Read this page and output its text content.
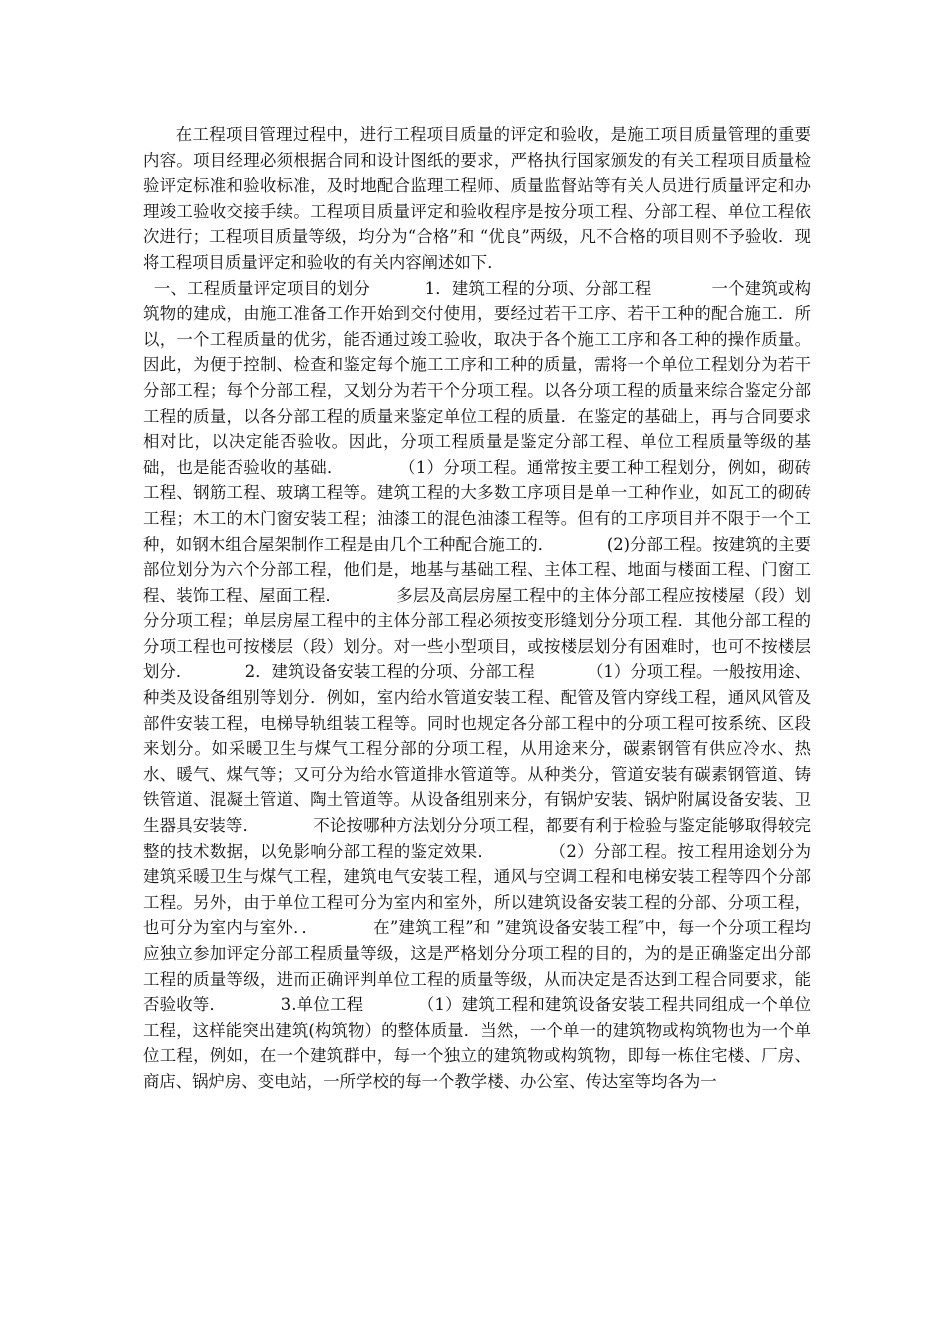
在工程项目管理过程中，进行工程项目质量的评定和验收，是施工项目质量管理的重要内容。项目经理必须根据合同和设计图纸的要求，严格执行国家颁发的有关工程项目质量检验评定标准和验收标准，及时地配合监理工程师、质量监督站等有关人员进行质量评定和办理竣工验收交接手续。工程项目质量评定和验收程序是按分项工程、分部工程、单位工程依次进行；工程项目质量等级，均分为“合格”和 “优良”两级，凡不合格的项目则不予验收．现将工程项目质量评定和验收的有关内容阐述如下．

一、工程质量评定项目的划分          1．建筑工程的分项、分部工程           一个建筑或构筑物的建成，由施工准备工作开始到交付使用，要经过若干工序、若干工种的配合施工．所以，一个工程质量的优劣，能否通过竣工验收，取决于各个施工工序和各工种的操作质量。因此，为便于控制、检查和鉴定每个施工工序和工种的质量，需将一个单位工程划分为若干分部工程；每个分部工程，又划分为若干个分项工程。以各分项工程的质量来综合鉴定分部工程的质量，以各分部工程的质量来鉴定单位工程的质量．在鉴定的基础上，再与合同要求相对比，以决定能否验收。因此，分项工程质量是鉴定分部工程、单位工程质量等级的基础，也是能否验收的基础．          （1）分项工程。通常按主要工种工程划分，例如，砌砖工程、钢筋工程、玻璃工程等。建筑工程的大多数工序项目是单一工种作业，如瓦工的砌砖工程；木工的木门窗安装工程；油漆工的混色油漆工程等。但有的工序项目并不限于一个工种，如钢木组合屋架制作工程是由几个工种配合施工的．          (2)分部工程。按建筑的主要部位划分为六个分部工程，他们是，地基与基础工程、主体工程、地面与楼面工程、门窗工程、装饰工程、屋面工程．          多层及高层房屋工程中的主体分部工程应按楼屋（段）划分分项工程；单层房屋工程中的主体分部工程必须按变形缝划分分项工程．其他分部工程的分项工程也可按楼层（段）划分。对一些小型项目，或按楼层划分有困难时，也可不按楼层划分．          2．建筑设备安装工程的分项、分部工程          （1）分项工程。一般按用途、种类及设备组别等划分．例如，室内给水管道安装工程、配管及管内穿线工程，通风风管及部件安装工程，电梯导轨组装工程等。同时也规定各分部工程中的分项工程可按系统、区段来划分。如采暖卫生与煤气工程分部的分项工程，从用途来分，碳素钢管有供应冷水、热水、暖气、煤气等；又可分为给水管道排水管道等。从种类分，管道安装有碳素钢管道、铸铁管道、混凝土管道、陶土管道等。从设备组别来分，有锅炉安装、锅炉附属设备安装、卫生器具安装等．          不论按哪种方法划分分项工程，都要有利于检验与鉴定能够取得较完整的技术数据，以免影响分部工程的鉴定效果．          （2）分部工程。按工程用途划分为建筑采暖卫生与煤气工程，建筑电气安装工程，通风与空调工程和电梯安装工程等四个分部工程。另外，由于单位工程可分为室内和室外，所以建筑设备安装工程的分部、分项工程，也可分为室内与室外．．          在”建筑工程”和 ”建筑设备安装工程″中，每一个分项工程均应独立参加评定分部工程质量等级，这是严格划分分项工程的目的，为的是正确鉴定出分部工程的质量等级，进而正确评判单位工程的质量等级，从而决定是否达到工程合同要求，能否验收等．          3.单位工程          （1）建筑工程和建筑设备安装工程共同组成一个单位工程，这样能突出建筑(构筑物）的整体质量．当然，一个单一的建筑物或构筑物也为一个单位工程，例如，在一个建筑群中，每一个独立的建筑物或构筑物，即每一栋住宅楼、厂房、商店、锅炉房、变电站，一所学校的每一个教学楼、办公室、传达室等均各为一
